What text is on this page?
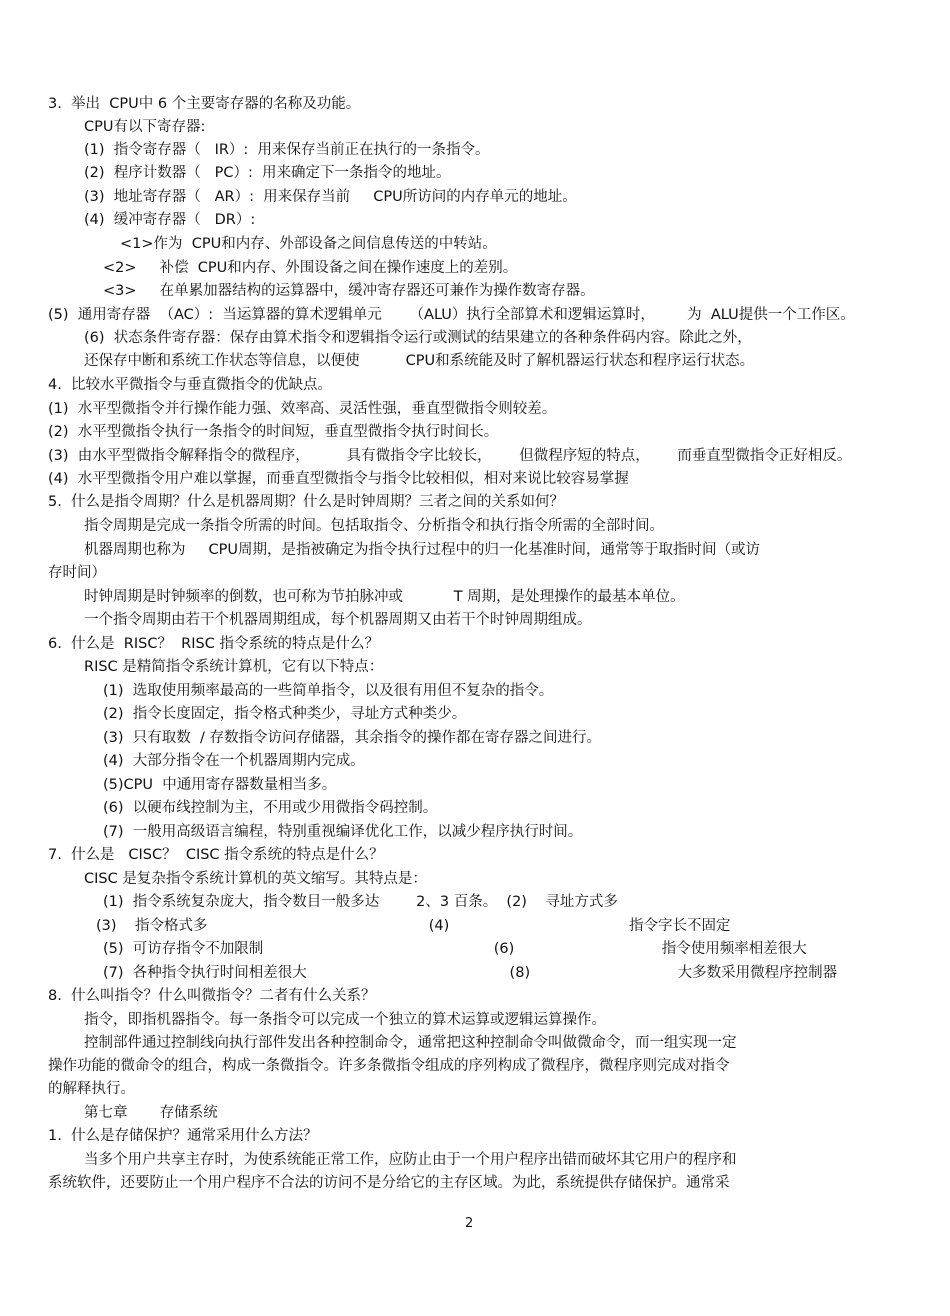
3.  举出  CPU中 6 个主要寄存器的名称及功能。
CPU有以下寄存器:
(1)  指令寄存器（   IR）:  用来保存当前正在执行的一条指令。
(2)  程序计数器（   PC）:  用来确定下一条指令的地址。
(3)  地址寄存器（   AR）:  用来保存当前     CPU所访问的内存单元的地址。
(4)  缓冲寄存器（   DR）:
<1>作为  CPU和内存、外部设备之间信息传送的中转站。
<2>     补偿  CPU和内存、外围设备之间在操作速度上的差别。
<3>     在单累加器结构的运算器中，缓冲寄存器还可兼作为操作数寄存器。
(5)  通用寄存器  （AC）:  当运算器的算术逻辑单元      （ALU）执行全部算术和逻辑运算时，       为  ALU提供一个工作区。
(6)  状态条件寄存器：保存由算术指令和逻辑指令运行或测试的结果建立的各种条件码内容。除此之外，
还保存中断和系统工作状态等信息，以便使          CPU和系统能及时了解机器运行状态和程序运行状态。
4.  比较水平微指令与垂直微指令的优缺点。
(1)  水平型微指令并行操作能力强、效率高、灵活性强，垂直型微指令则较差。
(2)  水平型微指令执行一条指令的时间短，垂直型微指令执行时间长。
(3)  由水平型微指令解释指令的微程序，        具有微指令字比较长，      但微程序短的特点，      而垂直型微指令正好相反。
(4)  水平型微指令用户难以掌握，而垂直型微指令与指令比较相似，相对来说比较容易掌握
5.  什么是指令周期？什么是机器周期？什么是时钟周期？三者之间的关系如何？
指令周期是完成一条指令所需的时间。包括取指令、分析指令和执行指令所需的全部时间。
机器周期也称为     CPU周期，是指被确定为指令执行过程中的归一化基准时间，通常等于取指时间（或访
存时间）
时钟周期是时钟频率的倒数，也可称为节拍脉冲或           T 周期，是处理操作的最基本单位。
一个指令周期由若干个机器周期组成，每个机器周期又由若干个时钟周期组成。
6.  什么是  RISC？  RISC 指令系统的特点是什么？
RISC 是精简指令系统计算机，它有以下特点：
(1)  选取使用频率最高的一些简单指令，以及很有用但不复杂的指令。
(2)  指令长度固定，指令格式种类少，寻址方式种类少。
(3)  只有取数  / 存数指令访问存储器，其余指令的操作都在寄存器之间进行。
(4)  大部分指令在一个机器周期内完成。
(5)CPU  中通用寄存器数量相当多。
(6)  以硬布线控制为主，不用或少用微指令码控制。
(7)  一般用高级语言编程，特别重视编译优化工作，以减少程序执行时间。
7.  什么是   CISC？  CISC 指令系统的特点是什么？
CISC 是复杂指令系统计算机的英文缩写。其特点是：
(1)  指令系统复杂庞大，指令数目一般多达        2、3 百条。  (2)    寻址方式多
(3)    指令格式多                                                (4)                                       指令字长不固定
(5)  可访存指令不加限制                                                  (6)                                指令使用频率相差很大
(7)  各种指令执行时间相差很大                                            (8)                                大多数采用微程序控制器
8.  什么叫指令？什么叫微指令？二者有什么关系？
指令，即指机器指令。每一条指令可以完成一个独立的算术运算或逻辑运算操作。
控制部件通过控制线向执行部件发出各种控制命令，通常把这种控制命令叫做微命令，而一组实现一定
操作功能的微命令的组合，构成一条微指令。许多条微指令组成的序列构成了微程序，微程序则完成对指令
的解释执行。
第七章       存储系统
1.  什么是存储保护？通常采用什么方法？
当多个用户共享主存时，为使系统能正常工作，应防止由于一个用户程序出错而破坏其它用户的程序和
系统软件，还要防止一个用户程序不合法的访问不是分给它的主存区域。为此，系统提供存储保护。通常采
2
